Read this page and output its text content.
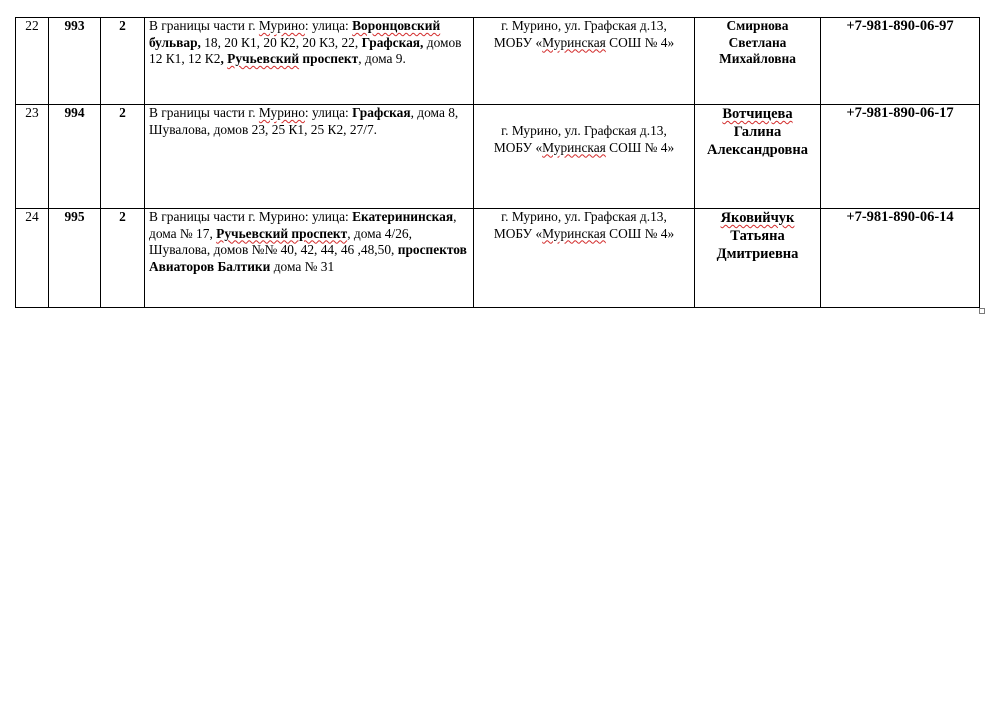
22	993	2	В границы части г. Мурино: улица: Воронцовский бульвар, 18, 20 К1, 20 К2, 20 К3, 22, Графская, домов 12 К1, 12 К2, Ручьевский проспект, дома 9.	г. Мурино, ул. Графская д.13,
МОБУ «Муринская СОШ № 4»	Смирнова
Светлана
Михайловна	+7-981-890-06-97
23	994	2	В границы части г. Мурино: улица: Графская, дома 8, Шувалова, домов 23, 25 К1, 25 К2, 27/7.	г. Мурино, ул. Графская д.13,
МОБУ «Муринская СОШ № 4»	Вотчицева
Галина
Александровна	+7-981-890-06-17
24	995	2	В границы части г. Мурино: улица: Екатерининская, дома № 17, Ручьевский проспект, дома 4/26, Шувалова, домов №№ 40, 42, 44, 46 ,48,50, проспектов Авиаторов Балтики дома № 31	г. Мурино, ул. Графская д.13,
МОБУ «Муринская СОШ № 4»	Яковийчук
Татьяна
Дмитриевна	+7-981-890-06-14
